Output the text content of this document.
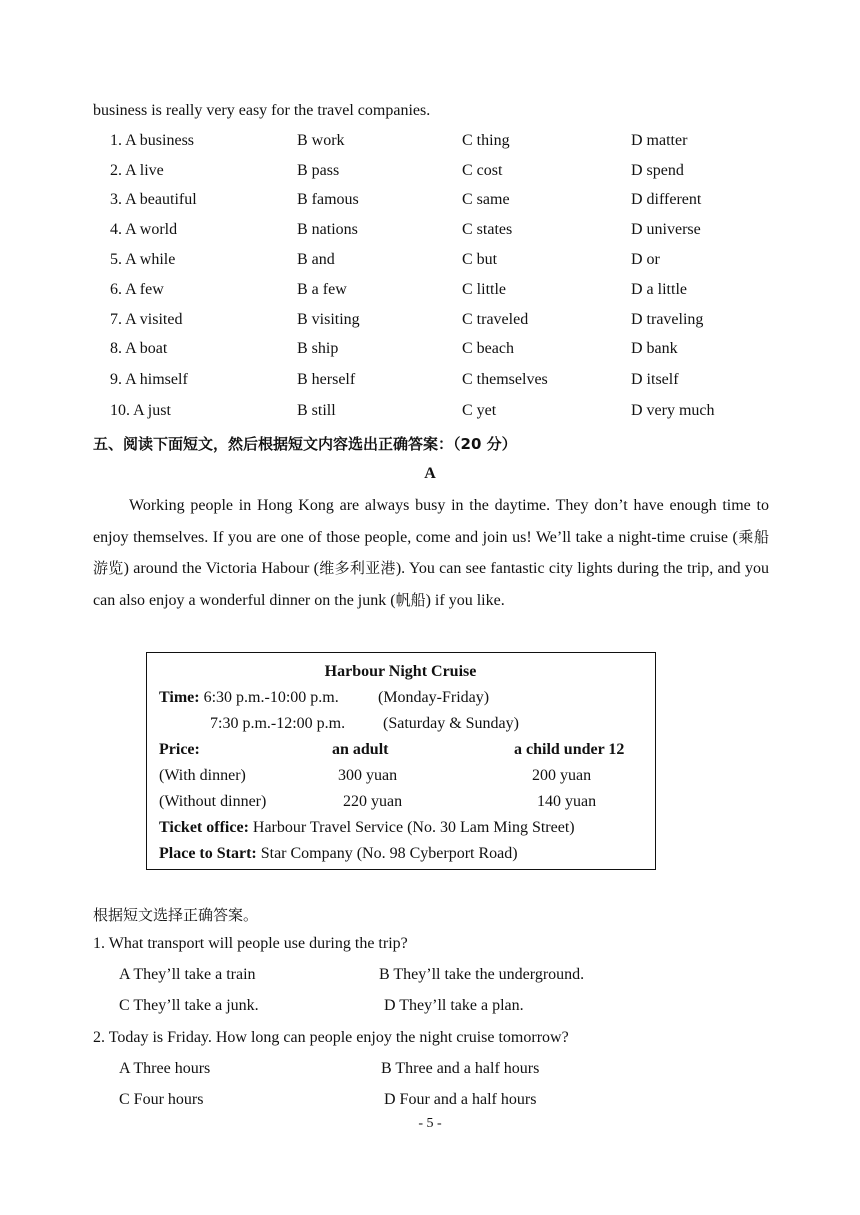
business is really very easy for the travel companies.
1. A business	B work	C thing	D matter
2. A live	B pass	C cost	D spend
3. A beautiful	B famous	C same	D different
4. A world	B nations	C states	D universe
5. A while	B and	C but	D or
6. A few	B a few	C little	D a little
7. A visited	B visiting	C traveled	D traveling
8. A boat	B ship	C beach	D bank
9. A himself	B herself	C themselves	D itself
10. A just	B still	C yet	D very much
五、阅读下面短文，然后根据短文内容选出正确答案：（20 分）
A

Working people in Hong Kong are always busy in the daytime. They don’t have enough time to enjoy themselves. If you are one of those people, come and join us! We’ll take a night-time cruise (乘船游览) around the Victoria Habour (维多利亚港). You can see fantastic city lights during the trip, and you can also enjoy a wonderful dinner on the junk (帆船) if you like.

Harbour Night Cruise
Time: 6:30 p.m.-10:00 p.m. (Monday-Friday)
7:30 p.m.-12:00 p.m. (Saturday & Sunday)
Price:	an adult	a child under 12
(With dinner)	300 yuan	200 yuan
(Without dinner)	220 yuan	140 yuan
Ticket office: Harbour Travel Service (No. 30 Lam Ming Street)
Place to Start: Star Company (No. 98 Cyberport Road)
根据短文选择正确答案。
1. What transport will people use during the trip?
A They’ll take a train	B They’ll take the underground.
C They’ll take a junk.	D They’ll take a plan.
2. Today is Friday. How long can people enjoy the night cruise tomorrow?
A Three hours	B Three and a half hours
C Four hours	D Four and a half hours
- 5 -
